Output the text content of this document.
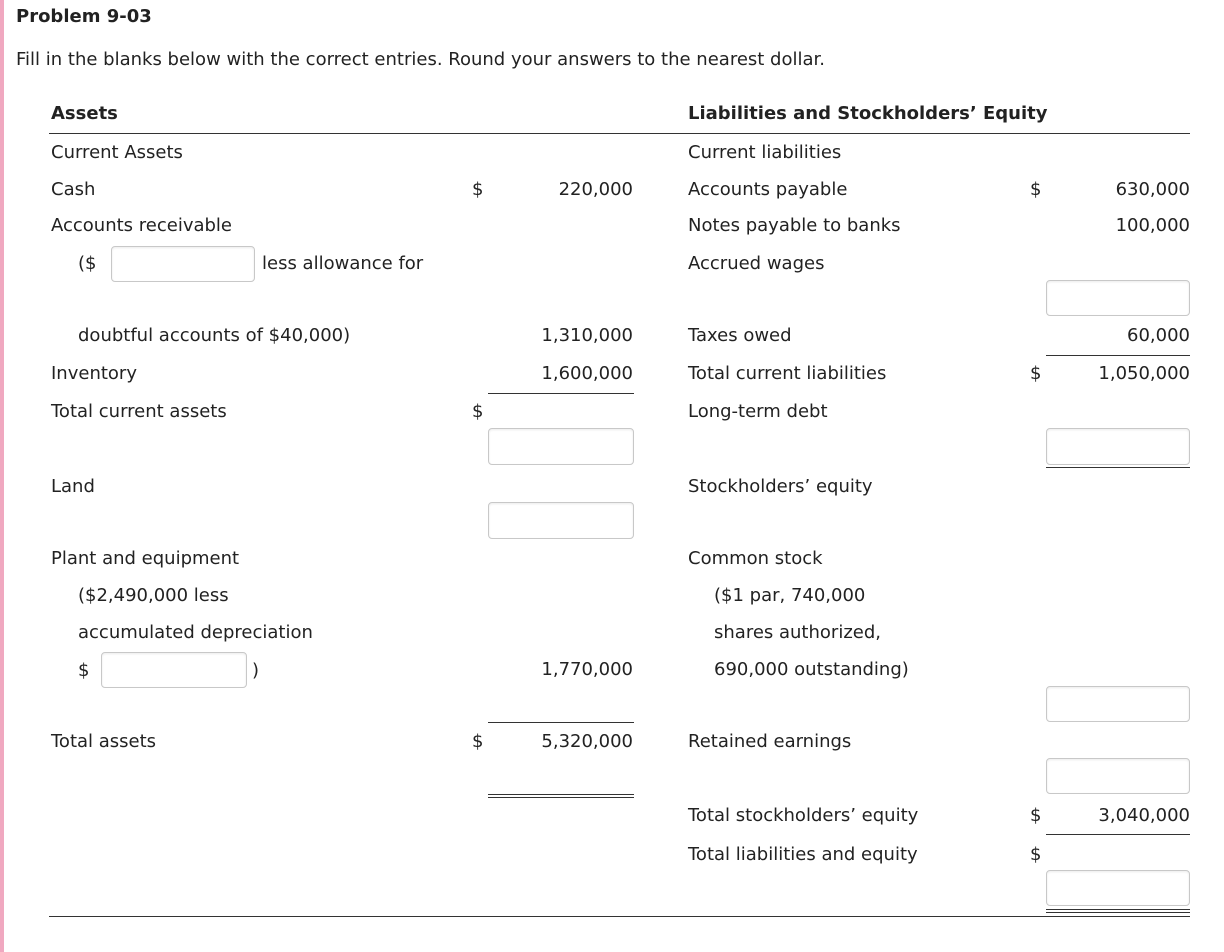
Problem 9-03
Fill in the blanks below with the correct entries. Round your answers to the nearest dollar.
Assets	Liabilities and Stockholders’ Equity
Current Assets
Cash	$	220,000
Accounts receivable
($	less allowance for
doubtful accounts of $40,000)	1,310,000
Inventory	1,600,000
Total current assets	$
Land
Plant and equipment
($2,490,000 less
accumulated depreciation
$	)	1,770,000
Total assets	$	5,320,000
Current liabilities
Accounts payable	$	630,000
Notes payable to banks	100,000
Accrued wages
Taxes owed	60,000
Total current liabilities	$	1,050,000
Long-term debt
Stockholders’ equity
Common stock
($1 par, 740,000
shares authorized,
690,000 outstanding)
Retained earnings
Total stockholders’ equity	$	3,040,000
Total liabilities and equity	$
